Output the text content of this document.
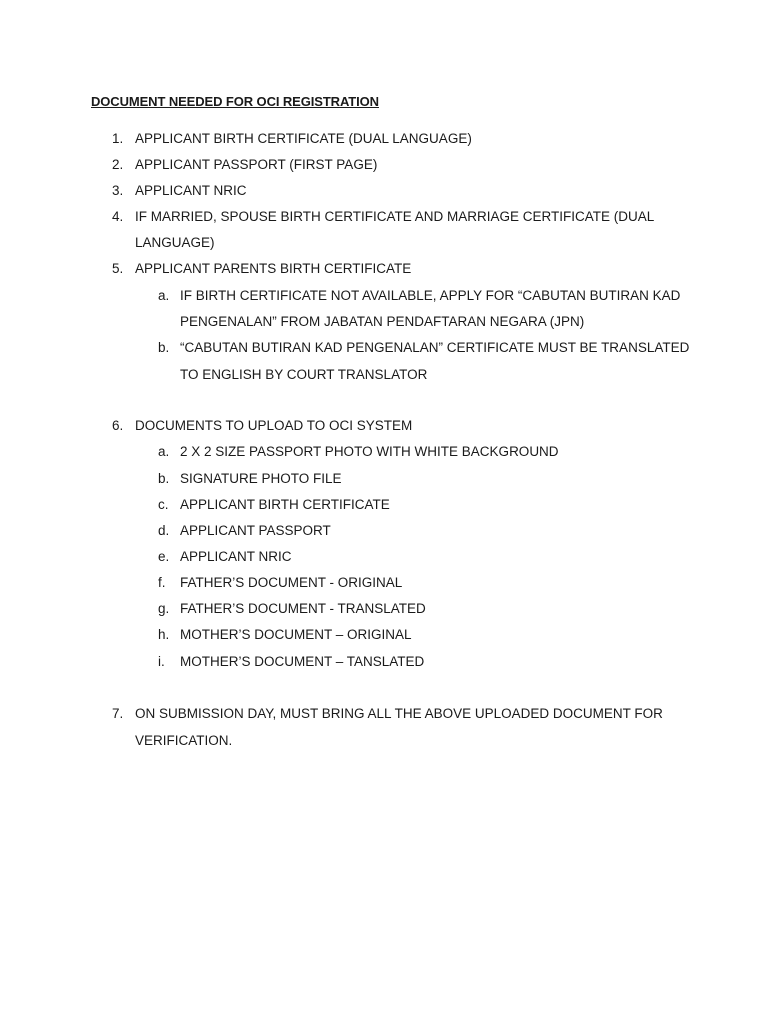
DOCUMENT NEEDED FOR OCI REGISTRATION
1. APPLICANT BIRTH CERTIFICATE (DUAL LANGUAGE)
2. APPLICANT PASSPORT (FIRST PAGE)
3. APPLICANT NRIC
4. IF MARRIED, SPOUSE BIRTH CERTIFICATE AND MARRIAGE CERTIFICATE (DUAL
LANGUAGE)
5. APPLICANT PARENTS BIRTH CERTIFICATE
a. IF BIRTH CERTIFICATE NOT AVAILABLE, APPLY FOR “CABUTAN BUTIRAN KAD
PENGENALAN” FROM JABATAN PENDAFTARAN NEGARA (JPN)
b. “CABUTAN BUTIRAN KAD PENGENALAN” CERTIFICATE MUST BE TRANSLATED
TO ENGLISH BY COURT TRANSLATOR
6. DOCUMENTS TO UPLOAD TO OCI SYSTEM
a. 2 X 2 SIZE PASSPORT PHOTO WITH WHITE BACKGROUND
b. SIGNATURE PHOTO FILE
c. APPLICANT BIRTH CERTIFICATE
d. APPLICANT PASSPORT
e. APPLICANT NRIC
f. FATHER’S DOCUMENT - ORIGINAL
g. FATHER’S DOCUMENT - TRANSLATED
h. MOTHER’S DOCUMENT – ORIGINAL
i. MOTHER’S DOCUMENT – TANSLATED
7. ON SUBMISSION DAY, MUST BRING ALL THE ABOVE UPLOADED DOCUMENT FOR
VERIFICATION.
